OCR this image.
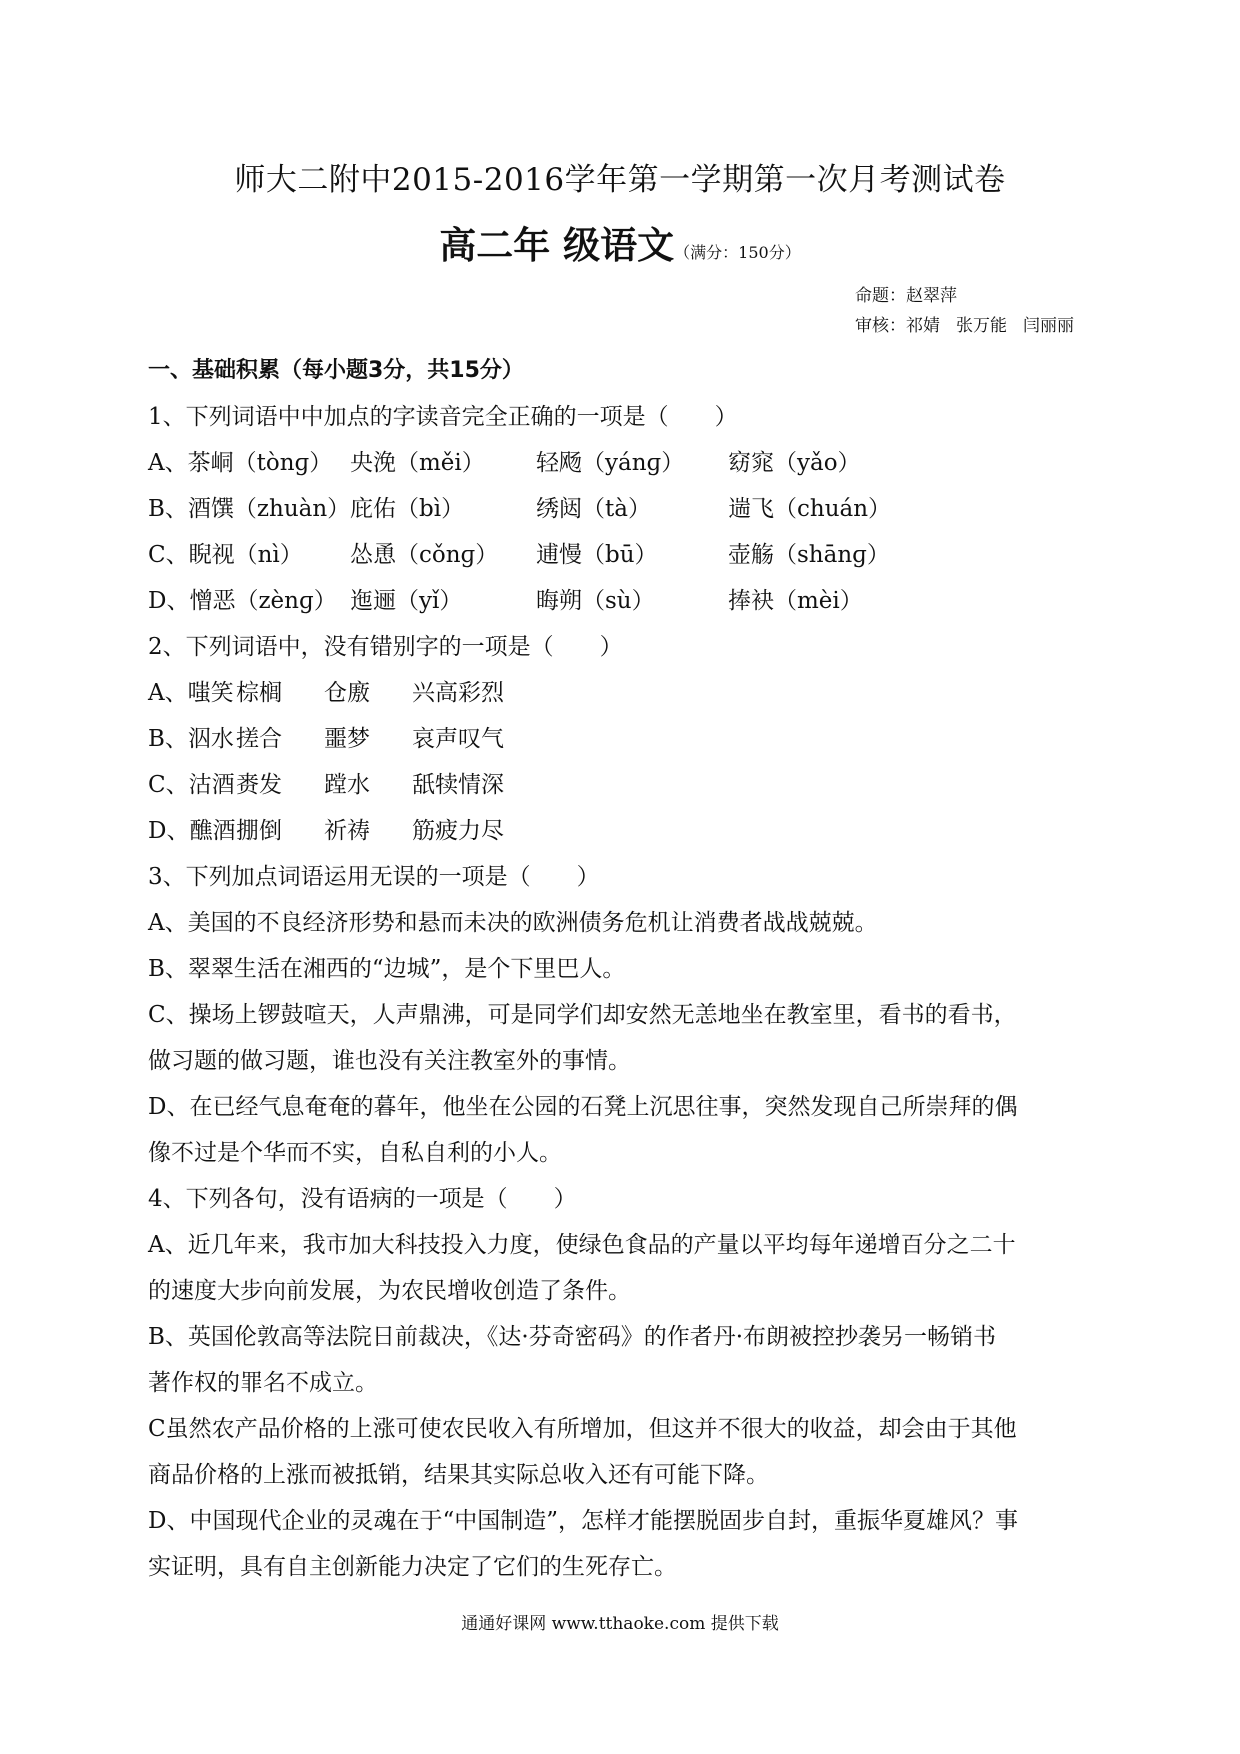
师大二附中2015-2016学年第一学期第一次月考测试卷
高二年 级语文（满分：150分）
命题：赵翠萍
审核：祁婧 张万能 闫丽丽
一、基础积累（每小题3分，共15分）
1、下列词语中中加点的字读音完全正确的一项是（　　）
A、茶峒（tònɡ） 央浼（měi）	轻飏（yánɡ）	窈窕（yǎo）
B、酒馔（zhuàn） 庇佑（bì）	绣闼（tà）	遄飞（chuán）
C、睨视（nì）	怂恿（cǒnɡ）	逋慢（bū）	壶觞（shānɡ）
D、憎恶（zènɡ） 迤逦（yǐ）	晦朔（sù）	捧袂（mèi）
2、下列词语中，没有错别字的一项是（　　）
A、嗤笑 棕榈	仓廒	兴高彩烈
B、泅水 搓合	噩梦	哀声叹气
C、沽酒 赉发	蹚水	舐犊情深
D、醮酒 掤倒	祈祷	筋疲力尽
3、下列加点词语运用无误的一项是（　　）
A、美国的不良经济形势和悬而未决的欧洲债务危机让消费者战战兢兢。
B、翠翠生活在湘西的“边城”，是个下里巴人。
C、操场上锣鼓喧天，人声鼎沸，可是同学们却安然无恙地坐在教室里，看书的看书，
做习题的做习题，谁也没有关注教室外的事情。
D、在已经气息奄奄的暮年，他坐在公园的石凳上沉思往事，突然发现自己所崇拜的偶
像不过是个华而不实，自私自利的小人。
4、下列各句，没有语病的一项是（　　）
A、近几年来，我市加大科技投入力度，使绿色食品的产量以平均每年递增百分之二十
的速度大步向前发展，为农民增收创造了条件。
B、英国伦敦高等法院日前裁决，《达·芬奇密码》的作者丹·布朗被控抄袭另一畅销书
著作权的罪名不成立。
C虽然农产品价格的上涨可使农民收入有所增加，但这并不很大的收益，却会由于其他
商品价格的上涨而被抵销，结果其实际总收入还有可能下降。
D、中国现代企业的灵魂在于“中国制造”，怎样才能摆脱固步自封，重振华夏雄风？事
实证明，具有自主创新能力决定了它们的生死存亡。
通通好课网 www.tthaoke.com 提供下载
